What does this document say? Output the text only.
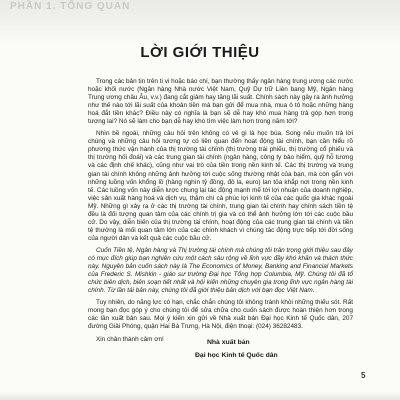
PHẦN 1. TỔNG QUAN
LỜI GIỚI THIỆU

Trong các bản tin trên ti vi hoặc báo chí, bạn thường thấy ngân hàng trung ương các nước hoặc khối nước (Ngân hàng Nhà nước Việt Nam, Quỹ Dự trữ Liên bang Mỹ, Ngân hàng Trung ương châu Âu, v.v.) đang cắt giảm hay tăng lãi suất. Chính sách này gây ra ảnh hưởng như thế nào tới lãi suất của khoản tiền mà bạn gửi để mua nhà, mua ô tô hoặc những hàng hoá đắt tiền khác? Điều này có nghĩa là bạn sẽ dễ hay khó mua hàng trả góp hơn trong tương lai? Nó sẽ làm cho bạn dễ hay khó tìm việc làm hơn trong năm tới?

Nhìn bề ngoài, những câu hỏi trên không có vẻ gì là học búa. Song nếu muốn trả lời chúng và những câu hỏi tương tự có liên quan đến hoạt động tài chính, bạn cần hiểu rõ phương thức vận hành của thị trường tài chính (thị trường trái phiếu, thị trường cổ phiếu và thị trường hối đoái) và các trung gian tài chính (ngân hàng, công ty bảo hiểm, quỹ hỗ tương và các định chế khác), cũng như vai trò của tiền trong nền kinh tế. Các thị trường và trung gian tài chính không những ảnh hưởng tới cuộc sống thường nhật của bạn, mà còn gắn với những luồng vốn khổng lồ (hàng nghìn tỷ đồng, đô la, euro) lan tỏa khắp nơi trong nền kinh tế. Các luồng vốn này diễn lược chung lại tác động mạnh mẽ tới lợi nhuận của doanh nghiệp, việc sản xuất hàng hoá và dịch vụ, thậm chí cả phúc lợi kinh tế của các quốc gia khác ngoài Mỹ. Những gì xảy ra ở các thị trường tài chính, trung gian tài chính hay chính sách tiền tệ đều là đối tượng quan tâm của các chính trị gia và có thể ảnh hưởng lớn tới các cuộc bầu cử. Do vậy, diễn biến của thị trường tài chính, hoạt động của các trung gian tài chính và tiền tệ thường là mối quan tâm lớn của các chính khách vì chúng tác động trực tiếp tới đời sống của người dân và kết quả các cuộc bầu cử.

Cuốn Tiền tệ, Ngân hàng và Thị trường tài chính mà chúng tôi trân trọng giới thiệu sau đây có mục đích giúp bạn nghiên cứu một cách sâu rộng về lĩnh vực đầy khó khăn và thách thức này. Nguyên bản cuốn sách này là The Economics of Money, Banking and Financial Markets của Frederic S. Mishkin - giáo sư trường Đại học Tổng hợp Columbia, Mỹ. Chúng tôi đã tổ chức biên dịch, biên soạn tiết nhất và hội kiến những chuyên gia trong lĩnh vực ngân hàng tài chính. Từ lần tái bản này, chúng tôi đã giới thiệu bản dịch với bạn đọc Việt Nam.

Tuy nhiên, do năng lực có hạn, chắc chắn chúng tôi không tránh khỏi những thiếu sót. Rất mong bạn đọc góp ý cho chúng tôi để sửa chữa cho cuốn sách được hoàn thiện hơn trong các lần xuất bản sau. Mọi ý kiến xin gửi về Nhà xuất bản Đại học Kinh tế Quốc dân, 207 đường Giải Phóng, quận Hai Bà Trưng, Hà Nội, điện thoại: (024) 36282483.

Xin chân thành cảm ơn!	Nhà xuất bản
Đại học Kinh tế Quốc dân
5
